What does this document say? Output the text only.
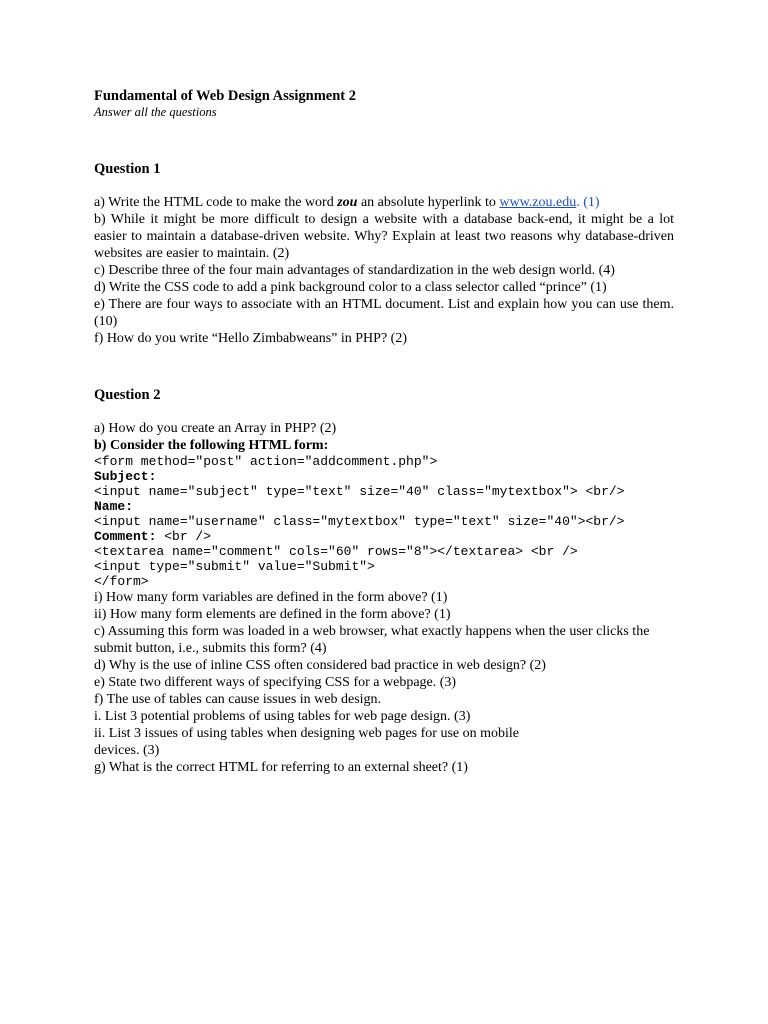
Fundamental of Web Design Assignment 2

Answer all the questions

Question 1

a) Write the HTML code to make the word zou an absolute hyperlink to www.zou.edu. (1)

b) While it might be more difficult to design a website with a database back-end, it might be a lot easier to maintain a database-driven website. Why? Explain at least two reasons why database-driven websites are easier to maintain. (2)

c) Describe three of the four main advantages of standardization in the web design world. (4)

d) Write the CSS code to add a pink background color to a class selector called “prince” (1)

e) There are four ways to associate with an HTML document. List and explain how you can use them. (10)

f) How do you write “Hello Zimbabweans” in PHP? (2)

Question 2

a) How do you create an Array in PHP? (2)

b) Consider the following HTML form:

<form method="post" action="addcomment.php">

Subject:

<input name="subject" type="text" size="40" class="mytextbox"> <br/>

Name:

<input name="username" class="mytextbox" type="text" size="40"><br/>

Comment: <br />

<textarea name="comment" cols="60" rows="8"></textarea> <br />

<input type="submit" value="Submit">

</form>

i) How many form variables are defined in the form above? (1)

ii) How many form elements are defined in the form above? (1)

c) Assuming this form was loaded in a web browser, what exactly happens when the user clicks the submit button, i.e., submits this form? (4)

d) Why is the use of inline CSS often considered bad practice in web design? (2)

e) State two different ways of specifying CSS for a webpage. (3)

f) The use of tables can cause issues in web design.

i. List 3 potential problems of using tables for web page design. (3)

ii. List 3 issues of using tables when designing web pages for use on mobile

devices. (3)

g) What is the correct HTML for referring to an external sheet? (1)
